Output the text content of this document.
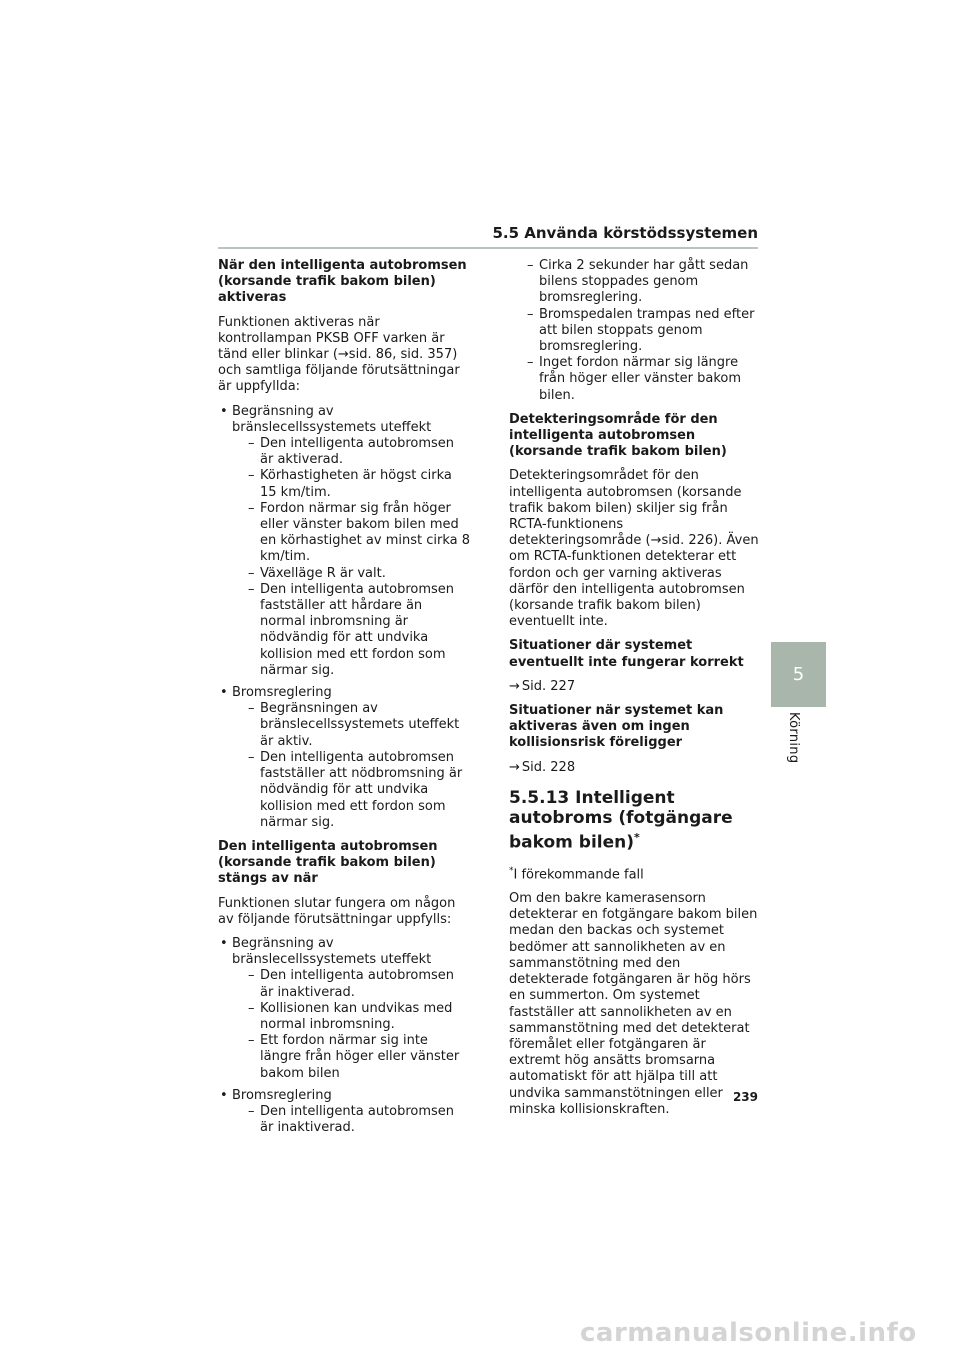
5.5 Använda körstödssystemen
När den intelligenta autobromsen (korsande trafik bakom bilen) aktiveras

Funktionen aktiveras när kontrollampan PKSB OFF varken är tänd eller blinkar (→sid. 86, sid. 357) och samtliga följande förutsättningar är uppfyllda:

• Begränsning av bränslecellssystemets uteffekt
– Den intelligenta autobromsen är aktiverad.
– Körhastigheten är högst cirka 15 km/tim.
– Fordon närmar sig från höger eller vänster bakom bilen med en körhastighet av minst cirka 8 km/tim.
– Växelläge R är valt.
– Den intelligenta autobromsen fastställer att hårdare än normal inbromsning är nödvändig för att undvika kollision med ett fordon som närmar sig.
• Bromsreglering
– Begränsningen av bränslecellssystemets uteffekt är aktiv.
– Den intelligenta autobromsen fastställer att nödbromsning är nödvändig för att undvika kollision med ett fordon som närmar sig.
Den intelligenta autobromsen (korsande trafik bakom bilen) stängs av när

Funktionen slutar fungera om någon av följande förutsättningar uppfylls:

• Begränsning av bränslecellssystemets uteffekt
– Den intelligenta autobromsen är inaktiverad.
– Kollisionen kan undvikas med normal inbromsning.
– Ett fordon närmar sig inte längre från höger eller vänster bakom bilen
• Bromsreglering
– Den intelligenta autobromsen är inaktiverad.
– Cirka 2 sekunder har gått sedan bilens stoppades genom bromsreglering.
– Bromspedalen trampas ned efter att bilen stoppats genom bromsreglering.
– Inget fordon närmar sig längre från höger eller vänster bakom bilen.
Detekteringsområde för den intelligenta autobromsen (korsande trafik bakom bilen)

Detekteringsområdet för den intelligenta autobromsen (korsande trafik bakom bilen) skiljer sig från RCTA-funktionens detekteringsområde (→sid. 226). Även om RCTA-funktionen detekterar ett fordon och ger varning aktiveras därför den intelligenta autobromsen (korsande trafik bakom bilen) eventuellt inte.

Situationer där systemet eventuellt inte fungerar korrekt
→ Sid. 227
Situationer när systemet kan aktiveras även om ingen kollisionsrisk föreligger
→ Sid. 228
5.5.13 Intelligent autobroms (fotgängare bakom bilen)*
*I förekommande fall

Om den bakre kamerasensorn detekterar en fotgängare bakom bilen medan den backas och systemet bedömer att sannolikheten av en sammanstötning med den detekterade fotgängaren är hög hörs en summerton. Om systemet fastställer att sannolikheten av en sammanstötning med det detekterat föremålet eller fotgängaren är extremt hög ansätts bromsarna automatiskt för att hjälpa till att undvika sammanstötningen eller minska kollisionskraften.

5
Körning
239
carmanualsonline.info
